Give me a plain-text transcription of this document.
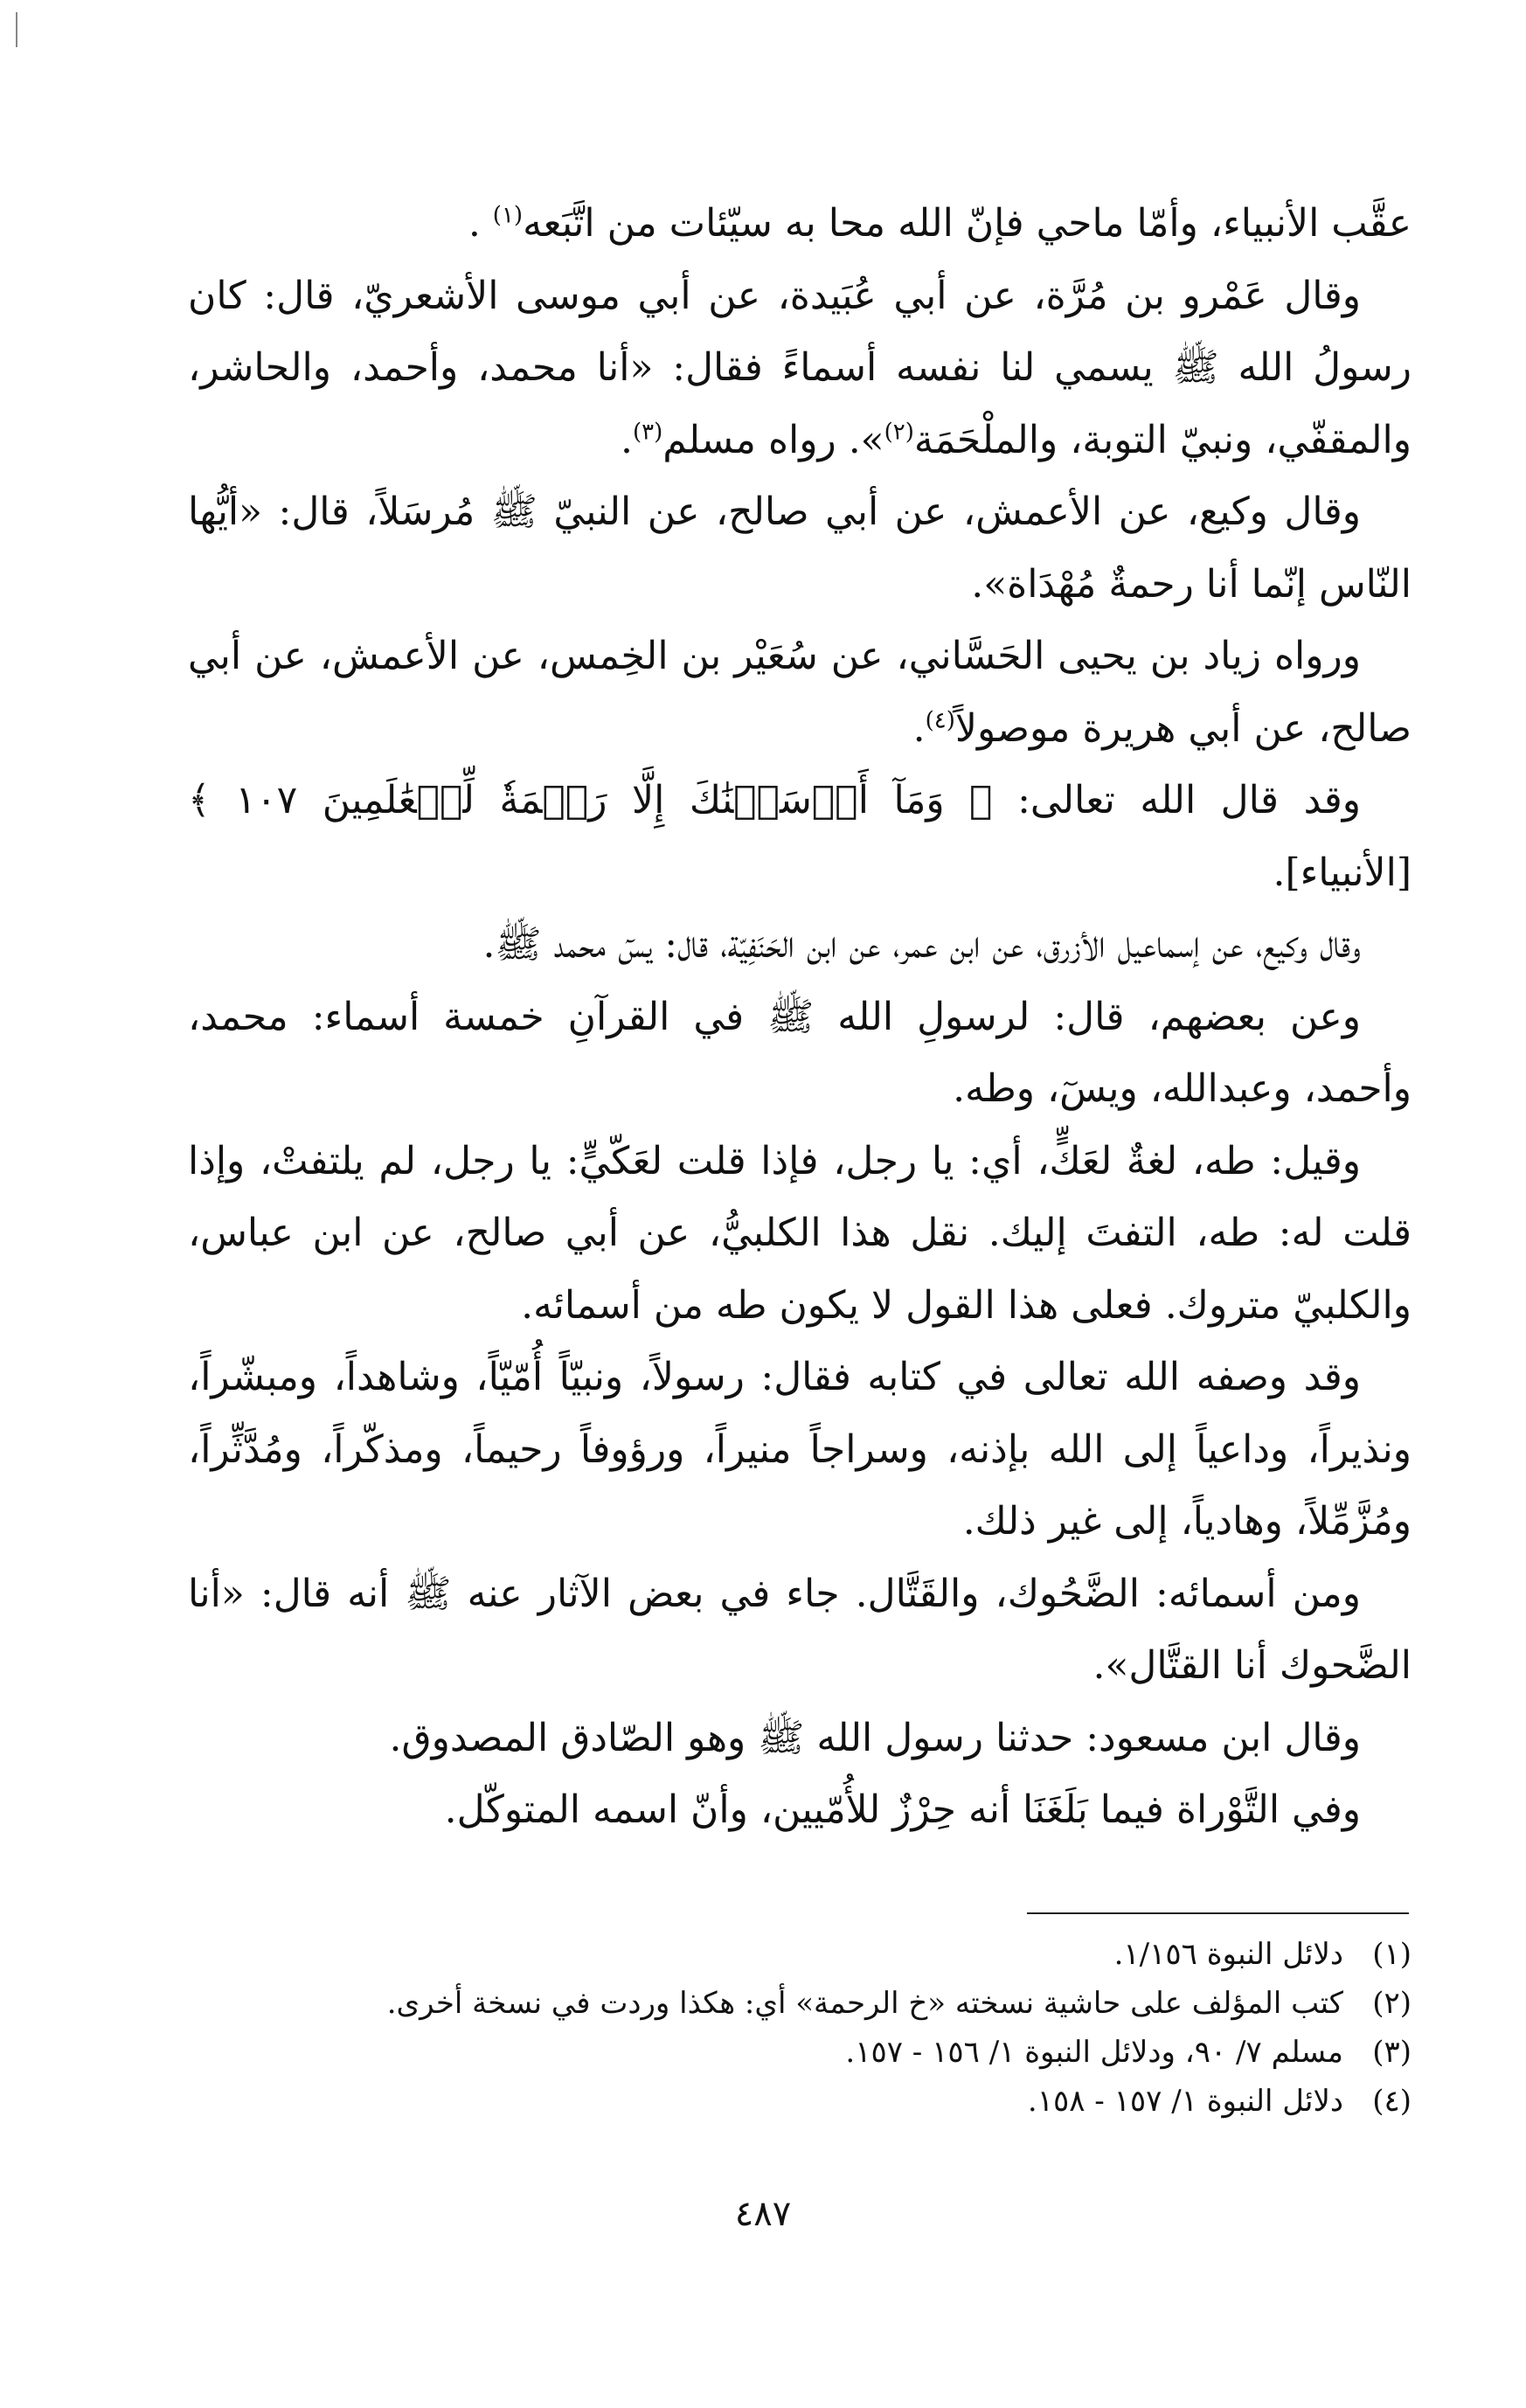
عقَّب الأنبياء، وأمّا ماحي فإنّ الله محا به سيّئات من اتَّبَعه$^{(١)}$ .

وقال عَمْرو بن مُرَّة، عن أبي عُبَيدة، عن أبي موسى الأشعريّ، قال: كان رسولُ الله ﷺ يسمي لنا نفسه أسماءً فقال: «أنا محمد، وأحمد، والحاشر، والمقفّي، ونبيّ التوبة، والملْحَمَة$^{(٢)}$». رواه مسلم$^{(٣)}$.

وقال وكيع، عن الأعمش، عن أبي صالح، عن النبيّ ﷺ مُرسَلاً، قال: «أيُّها النّاس إنّما أنا رحمةٌ مُهْدَاة».

ورواه زياد بن يحيى الحَسَّاني، عن سُعَيْر بن الخِمس، عن الأعمش، عن أبي صالح، عن أبي هريرة موصولاً$^{(٤)}$.

وقد قال الله تعالى: ﴿ وَمَآ أَرۡسَلۡنَٰكَ إِلَّا رَحۡمَةٗ لِّلۡعَٰلَمِينَ ١٠٧ ﴾ [الأنبياء].

وقال وكيع، عن إسماعيل الأزرق، عن ابن عمر، عن ابن الحَنَفِيّة، قال: يسٓ محمد ﷺ.

وعن بعضهم، قال: لرسولِ الله ﷺ في القرآنِ خمسة أسماء: محمد، وأحمد، وعبدالله، ويسٓ، وطه.

وقيل: طه، لغةٌ لعَكٍّ، أي: يا رجل، فإذا قلت لعَكّيٍّ: يا رجل، لم يلتفتْ، وإذا قلت له: طه، التفتَ إليك. نقل هذا الكلبيُّ، عن أبي صالح، عن ابن عباس، والكلبيّ متروك. فعلى هذا القول لا يكون طه من أسمائه.

وقد وصفه الله تعالى في كتابه فقال: رسولاً، ونبيّاً أُمّيّاً، وشاهداً، ومبشّراً، ونذيراً، وداعياً إلى الله بإذنه، وسراجاً منيراً، ورؤوفاً رحيماً، ومذكّراً، ومُدَّثِّراً، ومُزَّمِّلاً، وهادياً، إلى غير ذلك.

ومن أسمائه: الضَّحُوك، والقَتَّال. جاء في بعض الآثار عنه ﷺ أنه قال: «أنا الضَّحوك أنا القتَّال».

وقال ابن مسعود: حدثنا رسول الله ﷺ وهو الصّادق المصدوق.

وفي التَّوْراة فيما بَلَغَنَا أنه حِرْزٌ للأُمّيين، وأنّ اسمه المتوكّل.

(١)
دلائل النبوة ١/١٥٦.
(٢)
كتب المؤلف على حاشية نسخته «خ الرحمة» أي: هكذا وردت في نسخة أخرى.
(٣)
مسلم ٧/ ٩٠، ودلائل النبوة ١/ ١٥٦ - ١٥٧.
(٤)
دلائل النبوة ١/ ١٥٧ - ١٥٨.
٤٨٧
